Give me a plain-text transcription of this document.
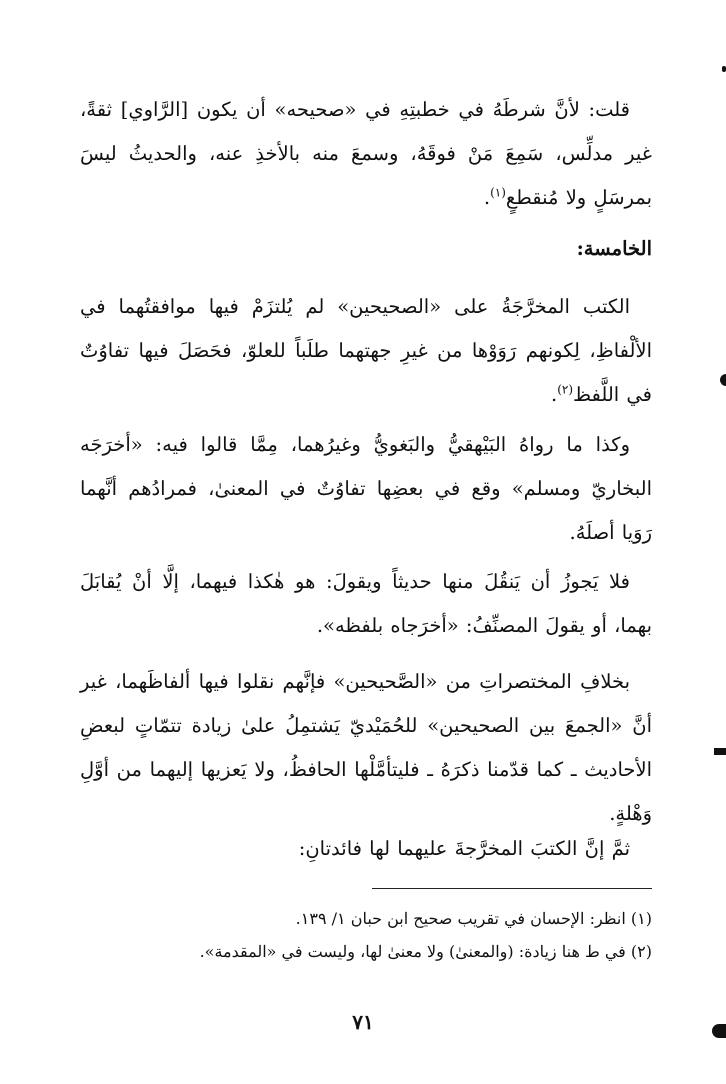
قلت: لأنَّ شرطَهُ في خطبتِهِ في «صحيحه» أن يكون [الرَّاوي] ثقةً، غير مدلِّس، سَمِعَ مَنْ فوقَهُ، وسمعَ منه بالأخذِ عنه، والحديثُ ليسَ بمرسَلٍ ولا مُنقطعٍ$^{(١)}$.

الخامسة:

الكتب المخرَّجَةُ على «الصحيحين» لم يُلتزَمْ فيها موافقتُهما في الألْفاظِ، لِكونهم رَوَوْها من غيرِ جهتهما طلَباً للعلوّ، فحَصَلَ فيها تفاوُتٌ في اللَّفظ$^{(٢)}$.

وكذا ما رواهُ البَيْهقيُّ والبَغويُّ وغيرُهما، مِمَّا قالوا فيه: «أخرَجَه البخاريّ ومسلم» وقع في بعضِها تفاوُتٌ في المعنىٰ، فمرادُهم أنَّهما رَوَيا أصلَهُ.

فلا يَجوزُ أن يَنقُلَ منها حديثاً ويقولَ: هو هٰكذا فيهما، إلَّا أنْ يُقابَلَ بهما، أو يقولَ المصنِّفُ: «أخرَجاه بلفظه».

بخلافِ المختصراتِ من «الصَّحيحين» فإنَّهم نقلوا فيها ألفاظَهما، غير أنَّ «الجمعَ بين الصحيحين» للحُمَيْديّ يَشتمِلُ علىٰ زيادة تتمّاتٍ لبعضِ الأحاديث ـ كما قدّمنا ذكرَهُ ـ فليتأمَّلْها الحافظُ، ولا يَعزيها إليهما من أوَّلِ وَهْلةٍ.

ثمَّ إنَّ الكتبَ المخرَّجةَ عليهما لها فائدتانِ:

(١) انظر: الإحسان في تقريب صحيح ابن حبان ١/ ١٣٩.
(٢) في ط هنا زيادة: (والمعنىٰ) ولا معنىٰ لها، وليست في «المقدمة».
٧١
